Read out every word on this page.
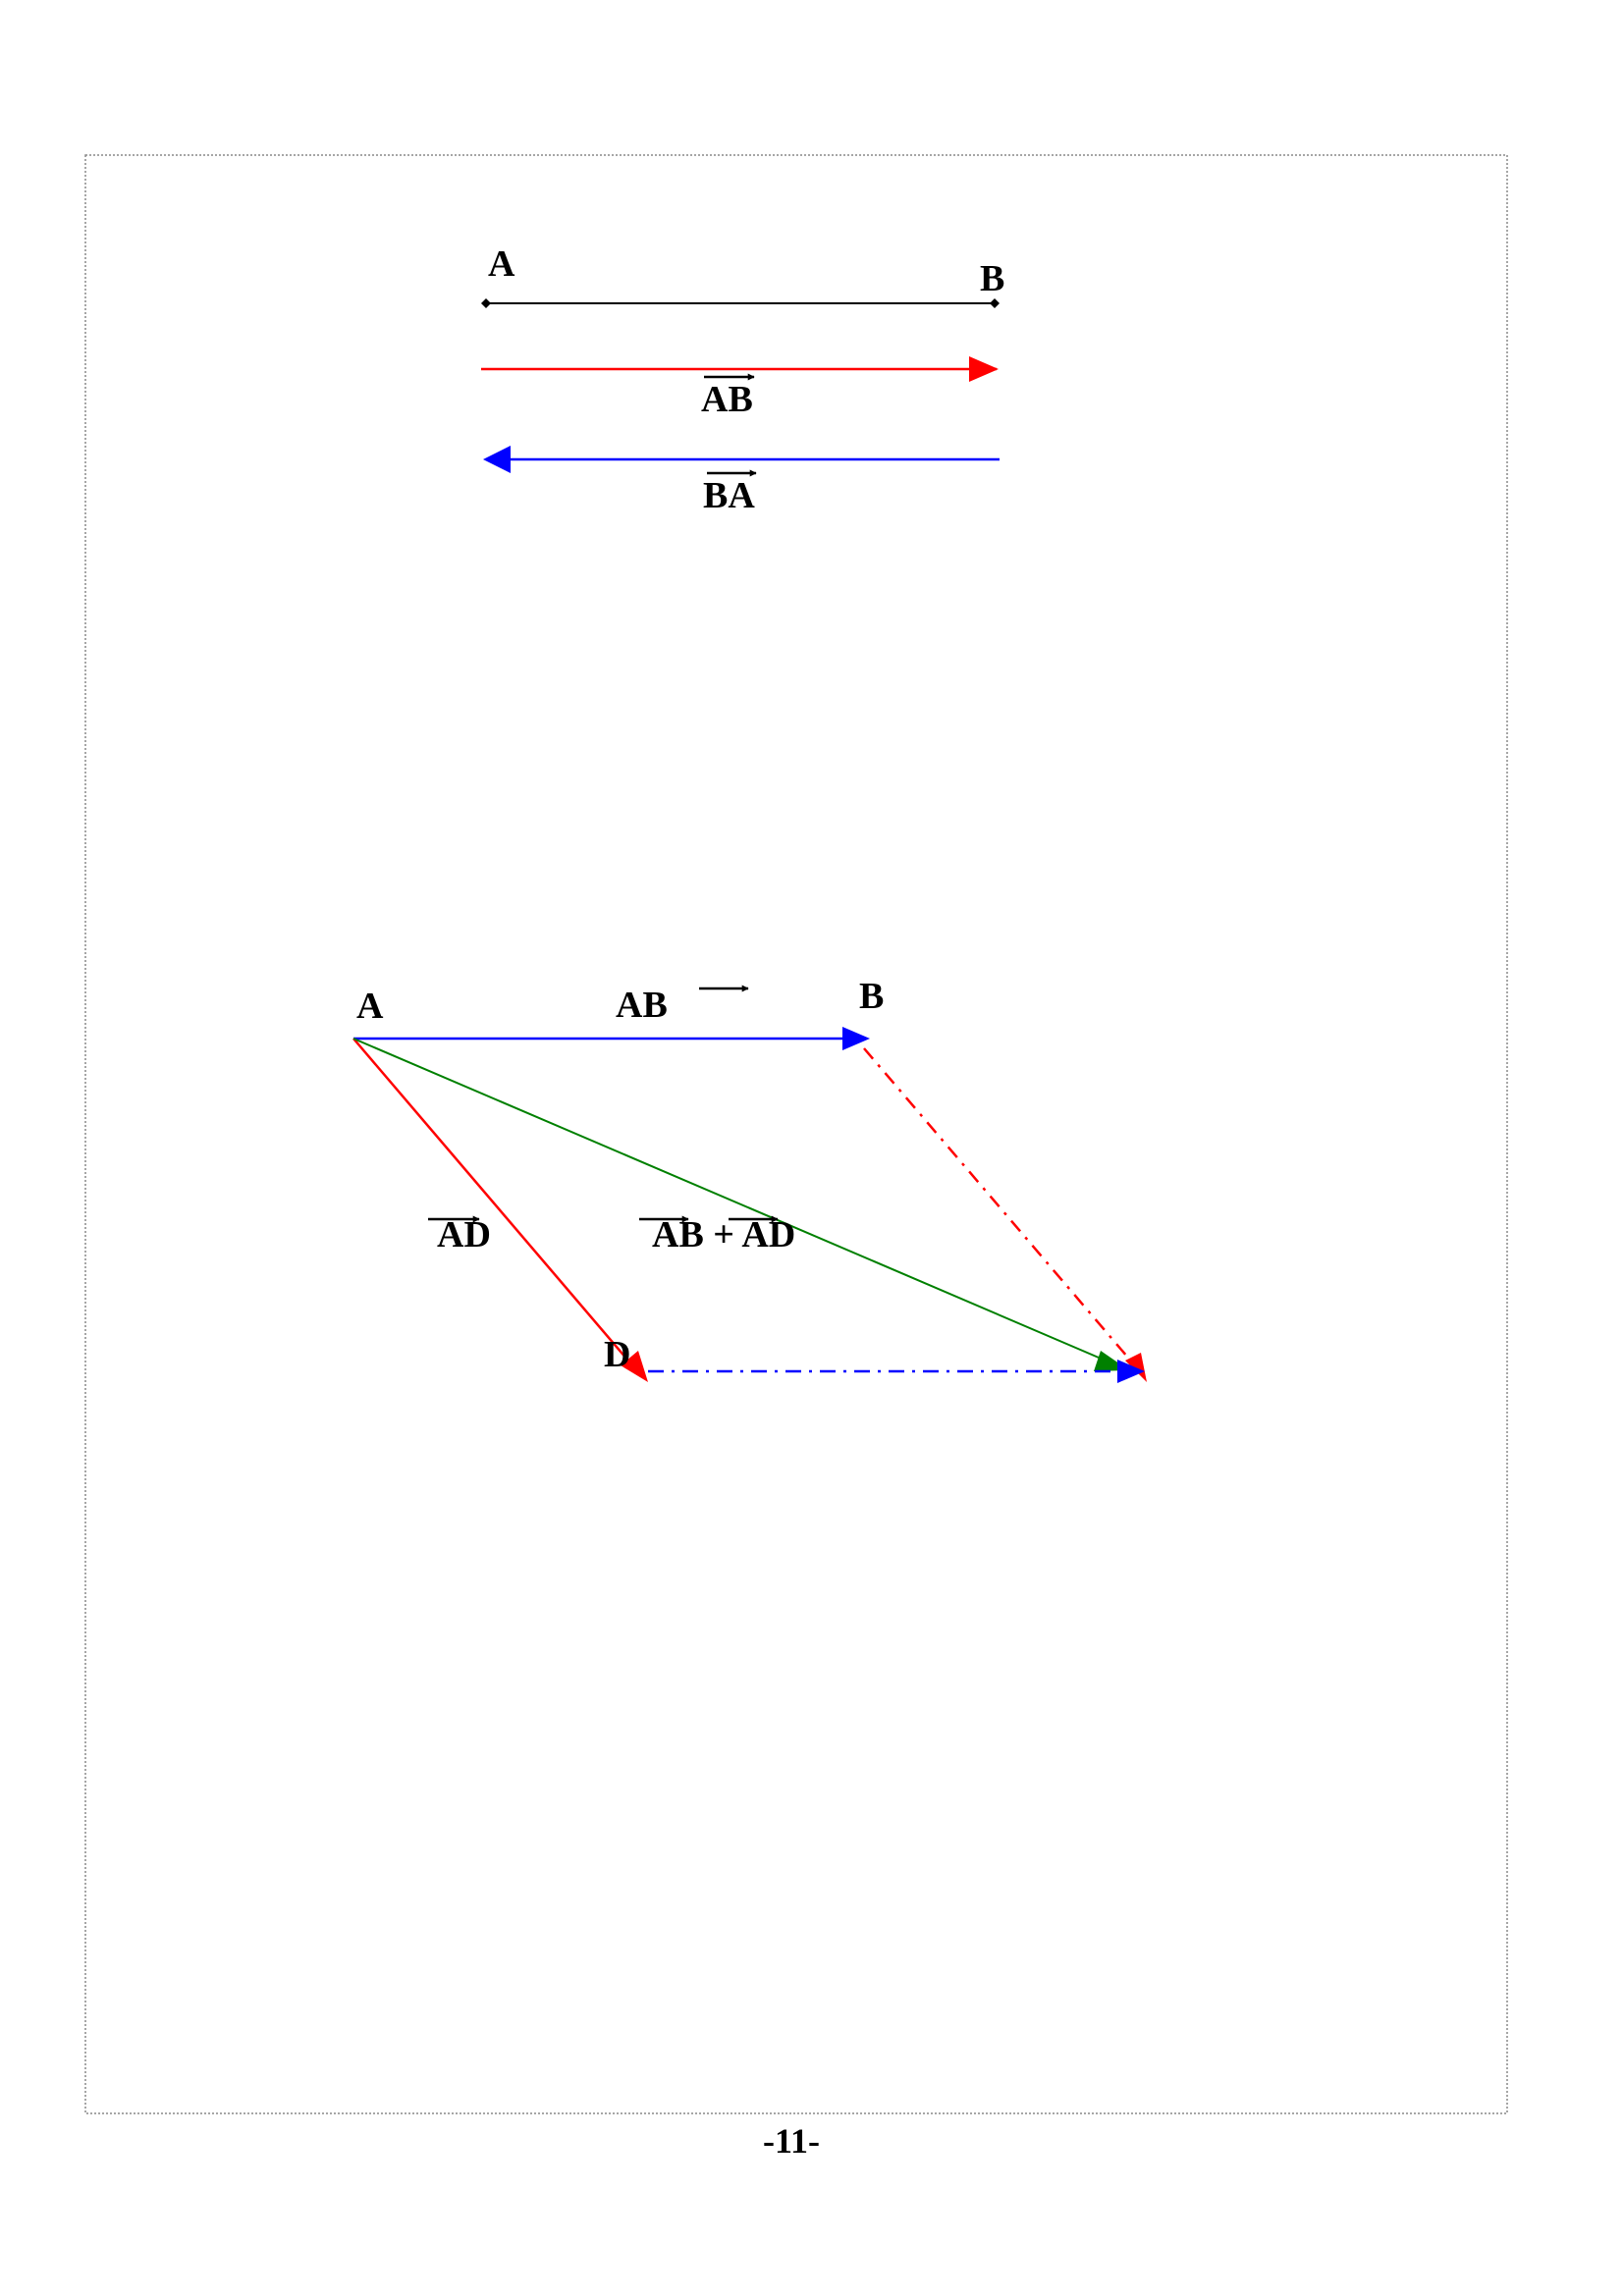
A	B
AB
BA
A	B
D
AB
AD	AB + AD
-11-
